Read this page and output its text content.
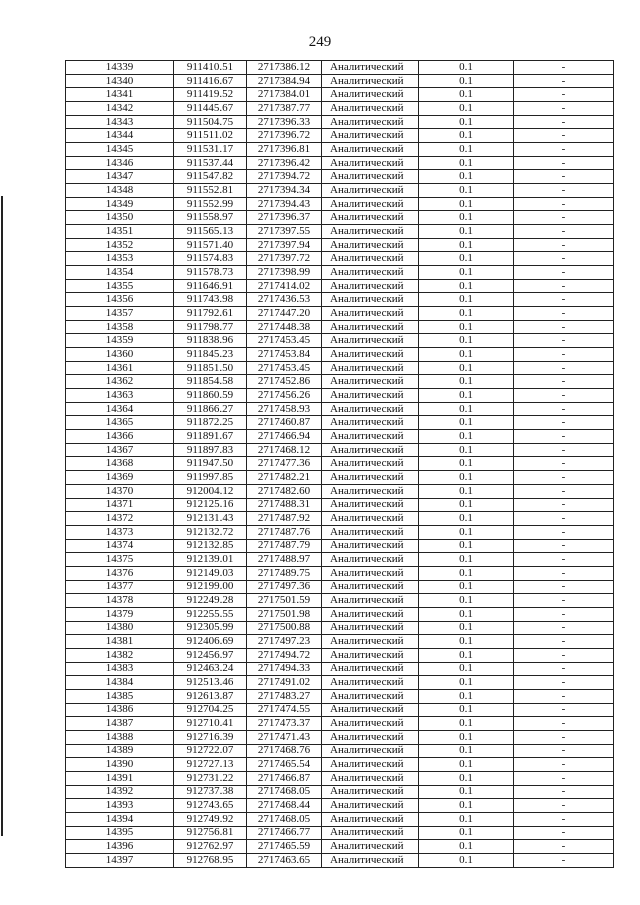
249
14339	911410.51	2717386.12	Аналитический	0.1	-
14340	911416.67	2717384.94	Аналитический	0.1	-
14341	911419.52	2717384.01	Аналитический	0.1	-
14342	911445.67	2717387.77	Аналитический	0.1	-
14343	911504.75	2717396.33	Аналитический	0.1	-
14344	911511.02	2717396.72	Аналитический	0.1	-
14345	911531.17	2717396.81	Аналитический	0.1	-
14346	911537.44	2717396.42	Аналитический	0.1	-
14347	911547.82	2717394.72	Аналитический	0.1	-
14348	911552.81	2717394.34	Аналитический	0.1	-
14349	911552.99	2717394.43	Аналитический	0.1	-
14350	911558.97	2717396.37	Аналитический	0.1	-
14351	911565.13	2717397.55	Аналитический	0.1	-
14352	911571.40	2717397.94	Аналитический	0.1	-
14353	911574.83	2717397.72	Аналитический	0.1	-
14354	911578.73	2717398.99	Аналитический	0.1	-
14355	911646.91	2717414.02	Аналитический	0.1	-
14356	911743.98	2717436.53	Аналитический	0.1	-
14357	911792.61	2717447.20	Аналитический	0.1	-
14358	911798.77	2717448.38	Аналитический	0.1	-
14359	911838.96	2717453.45	Аналитический	0.1	-
14360	911845.23	2717453.84	Аналитический	0.1	-
14361	911851.50	2717453.45	Аналитический	0.1	-
14362	911854.58	2717452.86	Аналитический	0.1	-
14363	911860.59	2717456.26	Аналитический	0.1	-
14364	911866.27	2717458.93	Аналитический	0.1	-
14365	911872.25	2717460.87	Аналитический	0.1	-
14366	911891.67	2717466.94	Аналитический	0.1	-
14367	911897.83	2717468.12	Аналитический	0.1	-
14368	911947.50	2717477.36	Аналитический	0.1	-
14369	911997.85	2717482.21	Аналитический	0.1	-
14370	912004.12	2717482.60	Аналитический	0.1	-
14371	912125.16	2717488.31	Аналитический	0.1	-
14372	912131.43	2717487.92	Аналитический	0.1	-
14373	912132.72	2717487.76	Аналитический	0.1	-
14374	912132.85	2717487.79	Аналитический	0.1	-
14375	912139.01	2717488.97	Аналитический	0.1	-
14376	912149.03	2717489.75	Аналитический	0.1	-
14377	912199.00	2717497.36	Аналитический	0.1	-
14378	912249.28	2717501.59	Аналитический	0.1	-
14379	912255.55	2717501.98	Аналитический	0.1	-
14380	912305.99	2717500.88	Аналитический	0.1	-
14381	912406.69	2717497.23	Аналитический	0.1	-
14382	912456.97	2717494.72	Аналитический	0.1	-
14383	912463.24	2717494.33	Аналитический	0.1	-
14384	912513.46	2717491.02	Аналитический	0.1	-
14385	912613.87	2717483.27	Аналитический	0.1	-
14386	912704.25	2717474.55	Аналитический	0.1	-
14387	912710.41	2717473.37	Аналитический	0.1	-
14388	912716.39	2717471.43	Аналитический	0.1	-
14389	912722.07	2717468.76	Аналитический	0.1	-
14390	912727.13	2717465.54	Аналитический	0.1	-
14391	912731.22	2717466.87	Аналитический	0.1	-
14392	912737.38	2717468.05	Аналитический	0.1	-
14393	912743.65	2717468.44	Аналитический	0.1	-
14394	912749.92	2717468.05	Аналитический	0.1	-
14395	912756.81	2717466.77	Аналитический	0.1	-
14396	912762.97	2717465.59	Аналитический	0.1	-
14397	912768.95	2717463.65	Аналитический	0.1	-
